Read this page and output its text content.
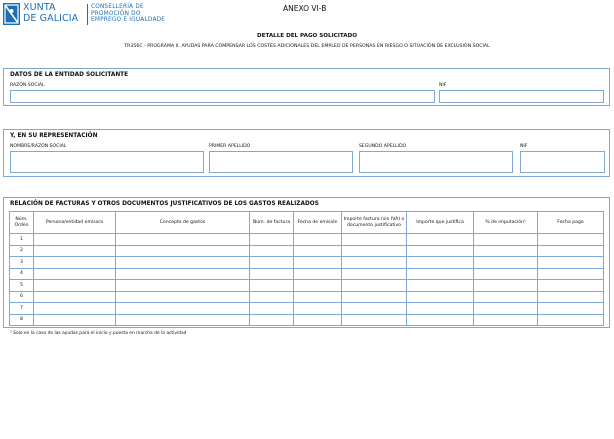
XUNTA
DE GALICIA
CONSELLERÍA DE
PROMOCIÓN DO
EMPREGO E IGUALDADE
ANEXO VI-B
DETALLE DEL PAGO SOLICITADO
TR356C - PROGRAMA II. AYUDAS PARA COMPENSAR LOS COSTES ADICIONALES DEL EMPLEO DE PERSONAS EN RIESGO O SITUACIÓN DE EXCLUSIÓN SOCIAL
DATOS DE LA ENTIDAD SOLICITANTE
RAZÓN SOCIAL	NIF
Y, EN SU REPRESENTACIÓN
NOMBRE/RAZÓN SOCIAL	PRIMER APELLIDO	SEGUNDO APELLIDO	NIF
RELACIÓN DE FACTURAS Y OTROS DOCUMENTOS JUSTIFICATIVOS DE LOS GASTOS REALIZADOS
Núm. Orden	Persona/entidad emisora	Concepto de gastos	Núm. de factura	Fecha de emisión	Importe factura (sin IVA) o documento justificativo	Importe que justifica	% de imputación¹	Fecha pago
1								
2								
3								
4								
5								
6								
7								
8								
¹ Solo en la caso de las ayudas para el inicio y puesta en marcha de la actividad
